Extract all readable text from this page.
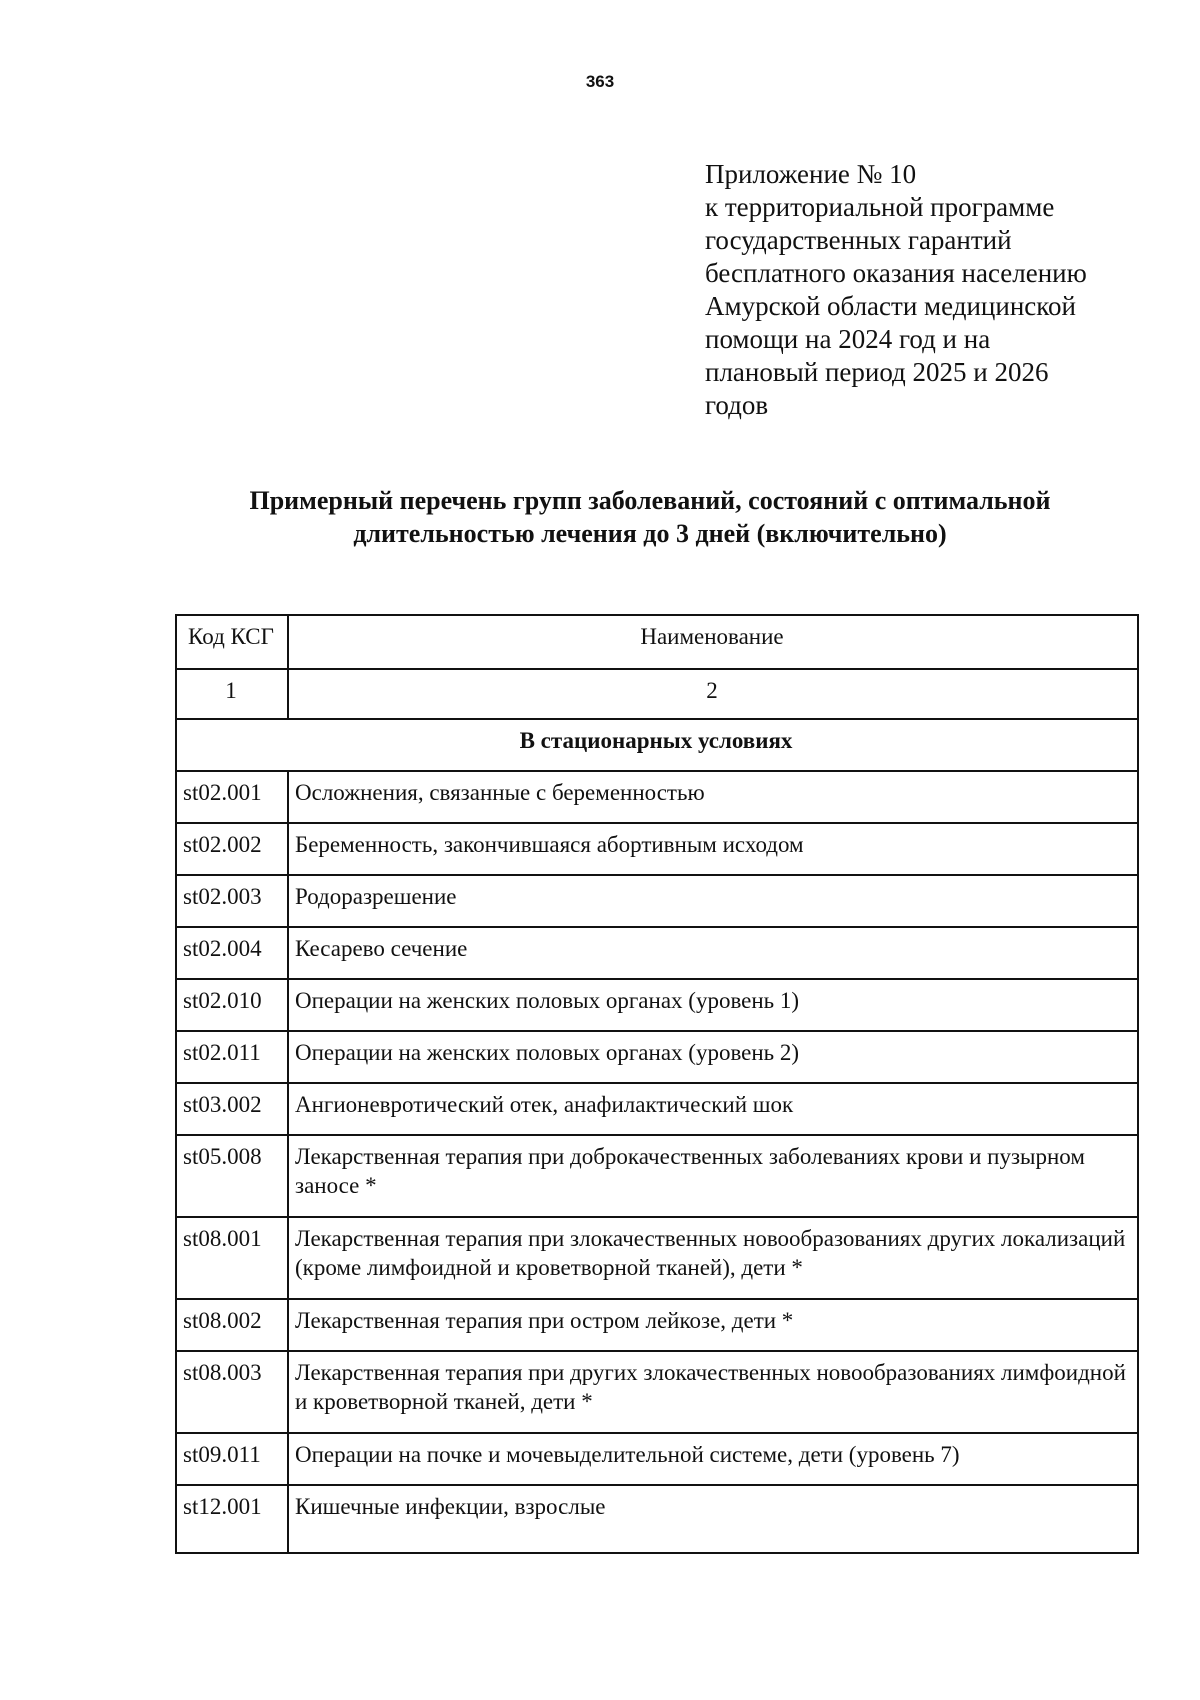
363
Приложение № 10
к территориальной программе
государственных гарантий
бесплатного оказания населению
Амурской области медицинской
помощи на 2024 год и на
плановый период 2025 и 2026
годов
Примерный перечень групп заболеваний, состояний с оптимальной
длительностью лечения до 3 дней (включительно)
Код КСГ	Наименование
1	2
В стационарных условиях	
st02.001	Осложнения, связанные с беременностью
st02.002	Беременность, закончившаяся абортивным исходом
st02.003	Родоразрешение
st02.004	Кесарево сечение
st02.010	Операции на женских половых органах (уровень 1)
st02.011	Операции на женских половых органах (уровень 2)
st03.002	Ангионевротический отек, анафилактический шок
st05.008	Лекарственная терапия при доброкачественных заболеваниях крови и пузырном заносе *
st08.001	Лекарственная терапия при злокачественных новообразованиях других локализаций (кроме лимфоидной и кроветворной тканей), дети *
st08.002	Лекарственная терапия при остром лейкозе, дети *
st08.003	Лекарственная терапия при других злокачественных новообразованиях лимфоидной и кроветворной тканей, дети *
st09.011	Операции на почке и мочевыделительной системе, дети (уровень 7)
st12.001	Кишечные инфекции, взрослые
